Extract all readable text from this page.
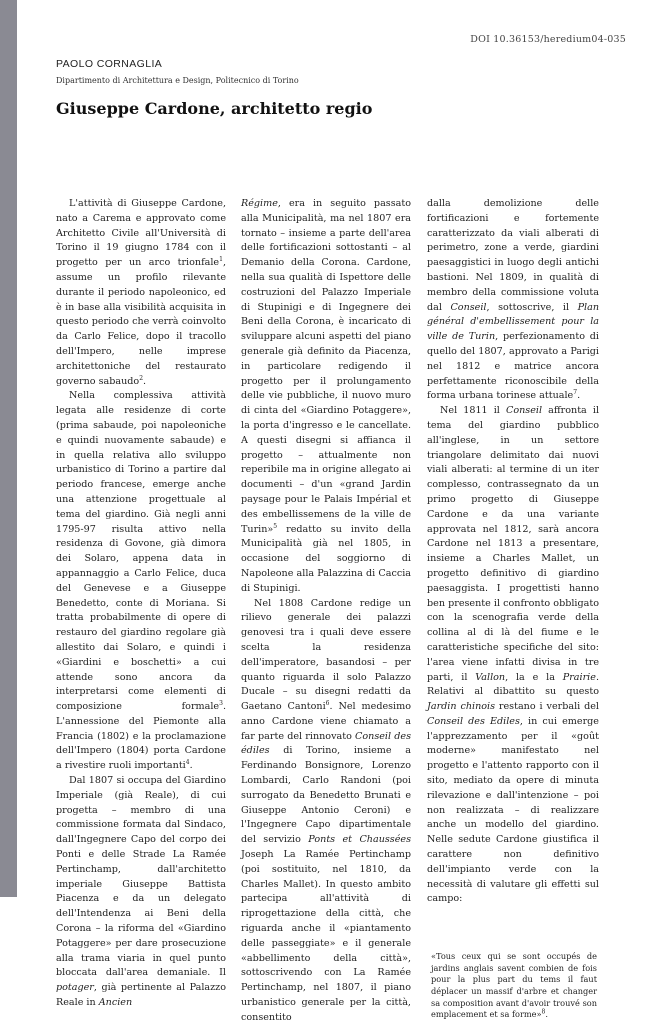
DOI 10.36153/heredium04-035
PAOLO CORNAGLIA
Dipartimento di Architettura e Design, Politecnico di Torino
Giuseppe Cardone, architetto regio

L'attività di Giuseppe Cardone, nato a Carema e approvato come Architetto Civile all'Università di Torino il 19 giugno 1784 con il progetto per un arco trionfale$^1$, assume un profilo rilevante durante il periodo napoleonico, ed è in base alla visibilità acquisita in questo periodo che verrà coinvolto da Carlo Felice, dopo il tracollo dell'Impero, nelle imprese architettoniche del restaurato governo sabaudo$^2$.

Nella complessiva attività legata alle residenze di corte (prima sabaude, poi napoleoniche e quindi nuovamente sabaude) e in quella relativa allo sviluppo urbanistico di Torino a partire dal periodo francese, emerge anche una attenzione progettuale al tema del giardino. Già negli anni 1795-97 risulta attivo nella residenza di Govone, già dimora dei Solaro, appena data in appannaggio a Carlo Felice, duca del Genevese e a Giuseppe Benedetto, conte di Moriana. Si tratta probabilmente di opere di restauro del giardino regolare già allestito dai Solaro, e quindi i «Giardini e boschetti» a cui attende sono ancora da interpretarsi come elementi di composizione formale$^3$. L'annessione del Piemonte alla Francia (1802) e la proclamazione dell'Impero (1804) porta Cardone a rivestire ruoli importanti$^4$.

Dal 1807 si occupa del Giardino Imperiale (già Reale), di cui progetta – membro di una commissione formata dal Sindaco, dall'Ingegnere Capo del corpo dei Ponti e delle Strade La Ramée Pertinchamp, dall'architetto imperiale Giuseppe Battista Piacenza e da un delegato dell'Intendenza ai Beni della Corona – la riforma del «Giardino Potaggere» per dare prosecuzione alla trama viaria in quel punto bloccata dall'area demaniale. Il potager, già pertinente al Palazzo Reale in Ancien

Régime, era in seguito passato alla Municipalità, ma nel 1807 era tornato – insieme a parte dell'area delle fortificazioni sottostanti – al Demanio della Corona. Cardone, nella sua qualità di Ispettore delle costruzioni del Palazzo Imperiale di Stupinigi e di Ingegnere dei Beni della Corona, è incaricato di sviluppare alcuni aspetti del piano generale già definito da Piacenza, in particolare redigendo il progetto per il prolungamento delle vie pubbliche, il nuovo muro di cinta del «Giardino Potaggere», la porta d'ingresso e le cancellate. A questi disegni si affianca il progetto – attualmente non reperibile ma in origine allegato ai documenti – d'un «grand Jardin paysage pour le Palais Impérial et des embellissemens de la ville de Turin»$^5$ redatto su invito della Municipalità già nel 1805, in occasione del soggiorno di Napoleone alla Palazzina di Caccia di Stupinigi.

Nel 1808 Cardone redige un rilievo generale dei palazzi genovesi tra i quali deve essere scelta la residenza dell'imperatore, basandosi – per quanto riguarda il solo Palazzo Ducale – su disegni redatti da Gaetano Cantoni$^6$. Nel medesimo anno Cardone viene chiamato a far parte del rinnovato Conseil des édiles di Torino, insieme a Ferdinando Bonsignore, Lorenzo Lombardi, Carlo Randoni (poi surrogato da Benedetto Brunati e Giuseppe Antonio Ceroni) e l'Ingegnere Capo dipartimentale del servizio Ponts et Chaussées Joseph La Ramée Pertinchamp (poi sostituito, nel 1810, da Charles Mallet). In questo ambito partecipa all'attività di riprogettazione della città, che riguarda anche il «piantamento delle passeggiate» e il generale «abbellimento della città», sottoscrivendo con La Ramée Pertinchamp, nel 1807, il piano urbanistico generale per la città, consentito

dalla demolizione delle fortificazioni e fortemente caratterizzato da viali alberati di perimetro, zone a verde, giardini paesaggistici in luogo degli antichi bastioni. Nel 1809, in qualità di membro della commissione voluta dal Conseil, sottoscrive, il Plan général d'embellissement pour la ville de Turin, perfezionamento di quello del 1807, approvato a Parigi nel 1812 e matrice ancora perfettamente riconoscibile della forma urbana torinese attuale$^7$.

Nel 1811 il Conseil affronta il tema del giardino pubblico all'inglese, in un settore triangolare delimitato dai nuovi viali alberati: al termine di un iter complesso, contrassegnato da un primo progetto di Giuseppe Cardone e da una variante approvata nel 1812, sarà ancora Cardone nel 1813 a presentare, insieme a Charles Mallet, un progetto definitivo di giardino paesaggista. I progettisti hanno ben presente il confronto obbligato con la scenografia verde della collina al di là del fiume e le caratteristiche specifiche del sito: l'area viene infatti divisa in tre parti, il Vallon, la e la Prairie. Relativi al dibattito su questo Jardin chinois restano i verbali del Conseil des Ediles, in cui emerge l'apprezzamento per il «goût moderne» manifestato nel progetto e l'attento rapporto con il sito, mediato da opere di minuta rilevazione e dall'intenzione – poi non realizzata – di realizzare anche un modello del giardino. Nelle sedute Cardone giustifica il carattere non definitivo dell'impianto verde con la necessità di valutare gli effetti sul campo:

«Tous ceux qui se sont occupés de jardins anglais savent combien de fois pour la plus part du tems il faut déplacer un massif d'arbre et changer sa composition avant d'avoir trouvé son emplacement et sa forme»$^8$.
